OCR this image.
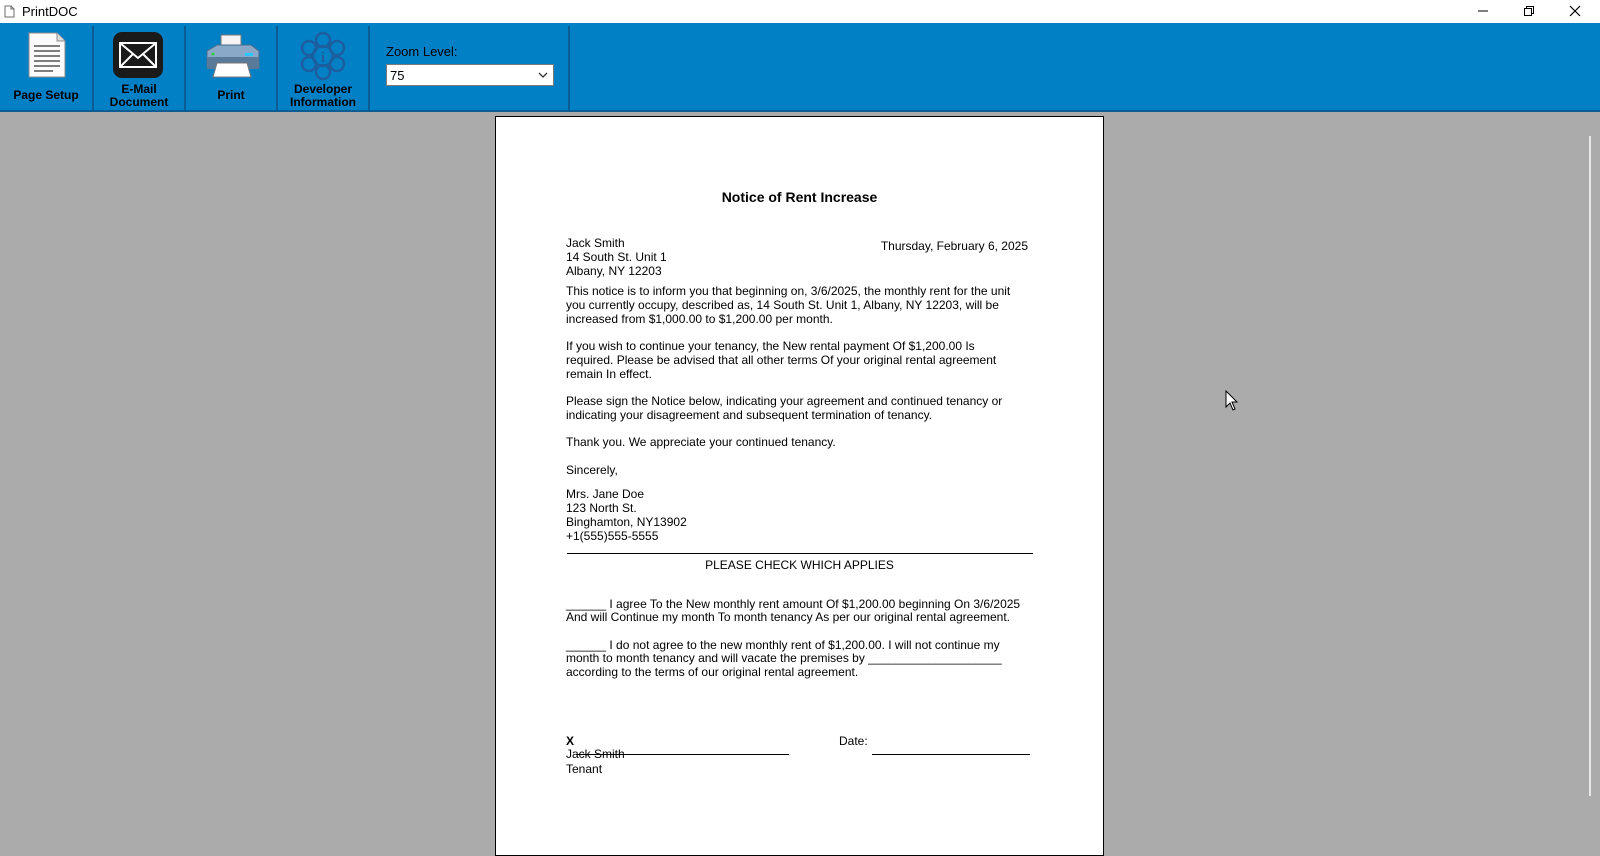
PrintDOC
Page Setup	E-Mail
Document	Print
i
Developer
Information
Zoom Level:
75
Notice of Rent Increase
Jack Smith
14 South St. Unit 1
Albany, NY 12203
Thursday, February 6, 2025
This notice is to inform you that beginning on, 3/6/2025, the monthly rent for the unit
you currently occupy, described as, 14 South St. Unit 1, Albany, NY 12203, will be
increased from $1,000.00 to $1,200.00 per month.
If you wish to continue your tenancy, the New rental payment Of $1,200.00 Is
required. Please be advised that all other terms Of your original rental agreement
remain In effect.
Please sign the Notice below, indicating your agreement and continued tenancy or
indicating your disagreement and subsequent termination of tenancy.
Thank you. We appreciate your continued tenancy.
Sincerely,
Mrs. Jane Doe
123 North St.
Binghamton, NY13902
+1(555)555-5555
PLEASE CHECK WHICH APPLIES
______ I agree To the New monthly rent amount Of $1,200.00 beginning On 3/6/2025
And will Continue my month To month tenancy As per our original rental agreement.
______ I do not agree to the new monthly rent of $1,200.00. I will not continue my
month to month tenancy and will vacate the premises by ____________________
according to the terms of our original rental agreement.
X	Date:
Jack Smith
Tenant
